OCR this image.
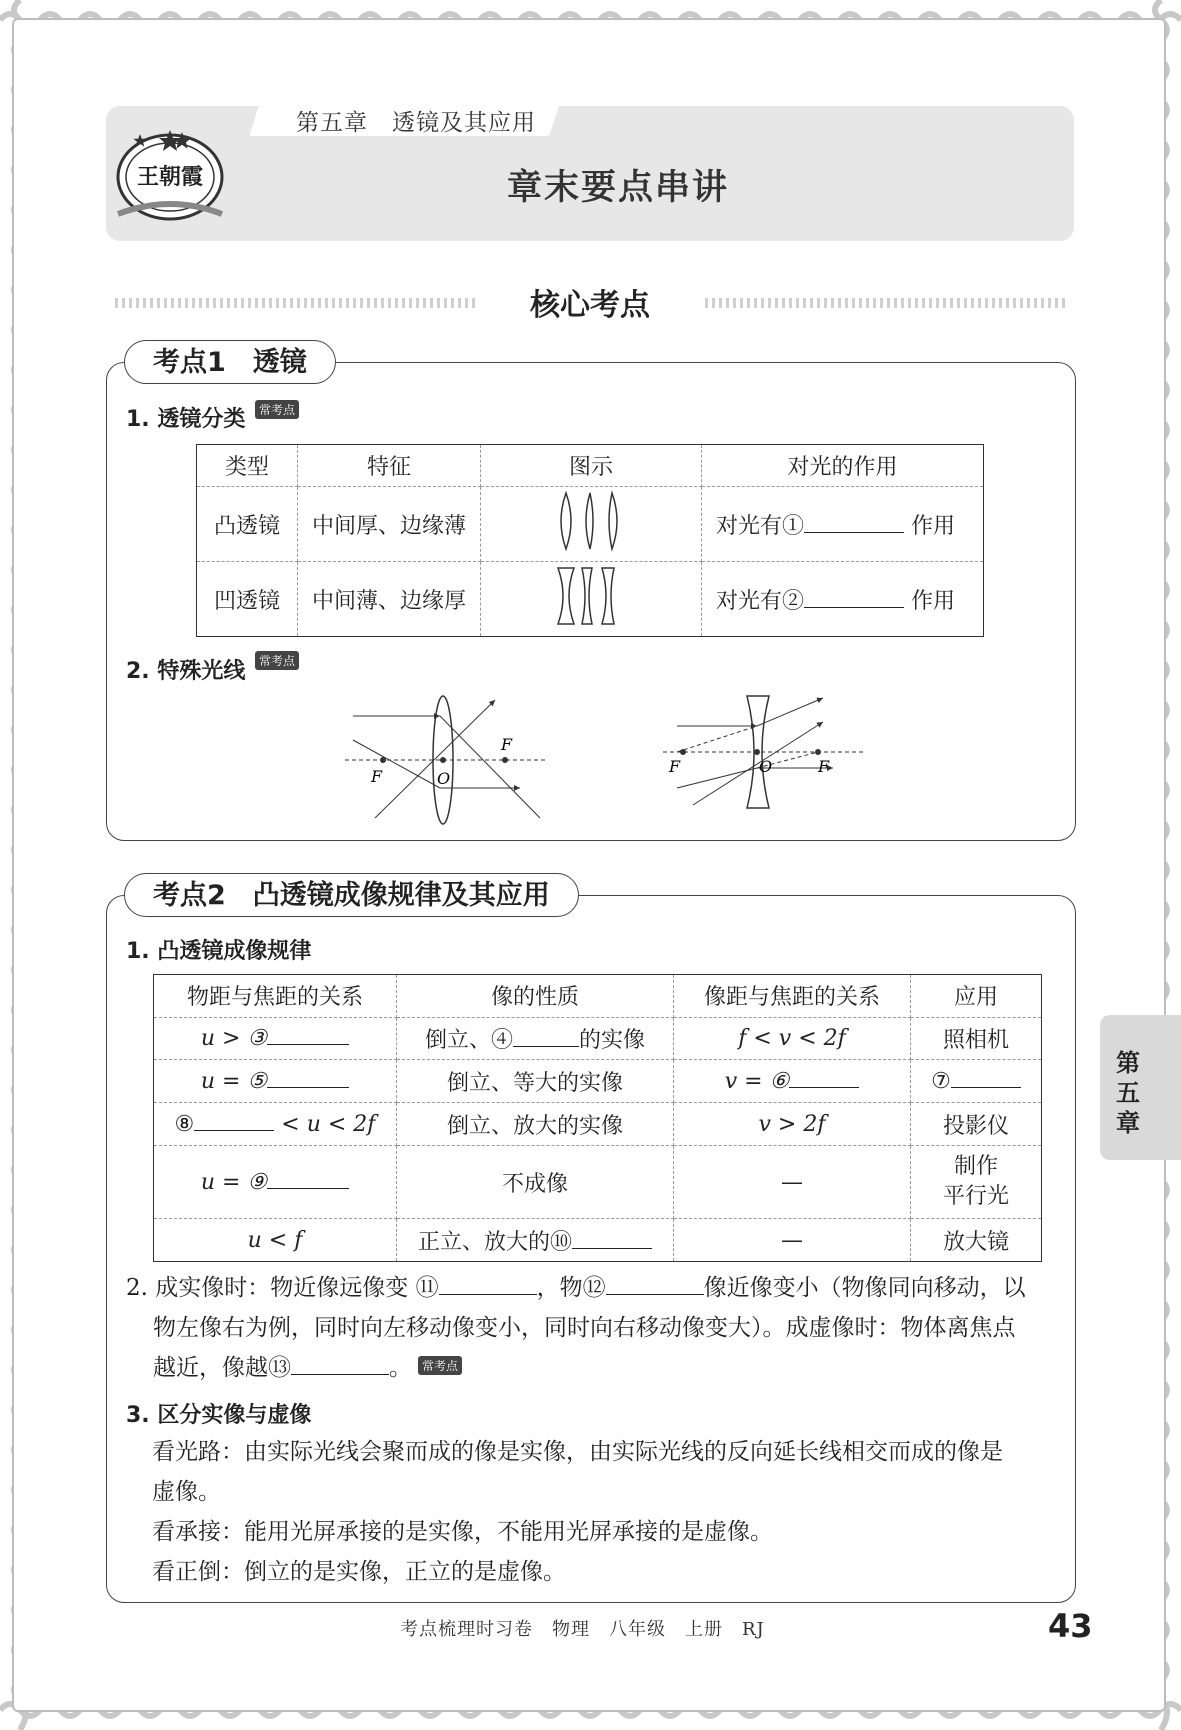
第五章　透镜及其应用
王朝霞	章末要点串讲
核心考点
考点1　透镜
1. 透镜分类	常考点
类型	特征	图示	对光的作用
凸透镜	中间厚、边缘薄		对光有① 作用
凹透镜	中间薄、边缘厚		对光有② 作用
2. 特殊光线	常考点
F	O
F
F	O	F
考点2　凸透镜成像规律及其应用
1. 凸透镜成像规律
物距与焦距的关系	像的性质	像距与焦距的关系	应用
u > ③	倒立、④ 的实像	f < v < 2f	照相机
u = ⑤	倒立、等大的实像	v = ⑥	⑦
⑧ < u < 2f	倒立、放大的实像	v > 2f	投影仪
u = ⑨	不成像	—	制作
平行光

u < f	正立、放大的⑩	—	放大镜
2. 成实像时：物近像远像变 ⑪	，物⑫	像近像变小（物像同向移动，以
物左像右为例，同时向左移动像变小，同时向右移动像变大）。成虚像时：物体离焦点
越近，像越⑬	。 常考点
3. 区分实像与虚像
看光路：由实际光线会聚而成的像是实像，由实际光线的反向延长线相交而成的像是
虚像。
看承接：能用光屏承接的是实像，不能用光屏承接的是虚像。
看正倒：倒立的是实像，正立的是虚像。
第五章
考点梳理时习卷　物理　八年级　上册　RJ	43
